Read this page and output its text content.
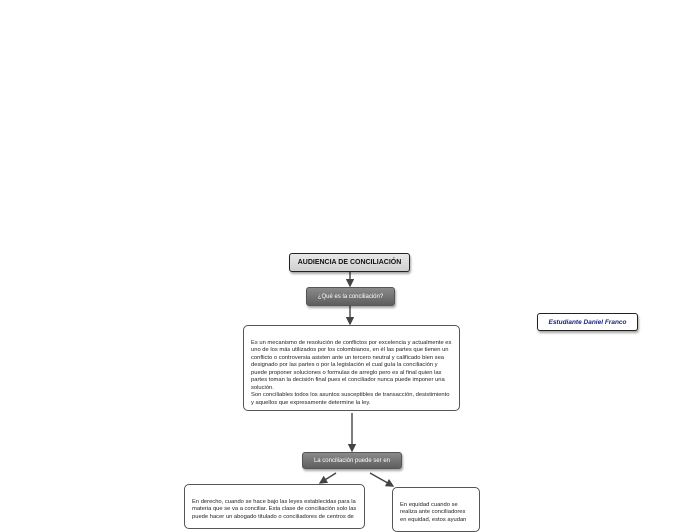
AUDIENCIA DE CONCILIACIÓN
¿Qué es la conciliación?

Es un mecanismo de resolución de conflictos por excelencia y actualmente es uno de los más utilizados por los colombianos, en él las partes que tienen un conflicto o controversia asisten ante un tercero neutral y calificado bien sea designado por las partes o por la legislación el cual guía la conciliación y puede proponer soluciones o formulas de arreglo pero es al final quien las partes toman la decisión final pues el conciliador nunca puede imponer una solución.
Son conciliables todos los asuntos susceptibles de transacción, desistimiento y aquellos que expresamente determine la ley.

La conciliación puede ser en

En derecho, cuando se hace bajo las leyes establecidas para la materia que se va a conciliar. Esta clase de conciliación solo las puede hacer un abogado titulado o conciliadores de centros de

En equidad cuando se realiza ante conciliadores en equidad, estos ayudan

Estudiante Daniel Franco
